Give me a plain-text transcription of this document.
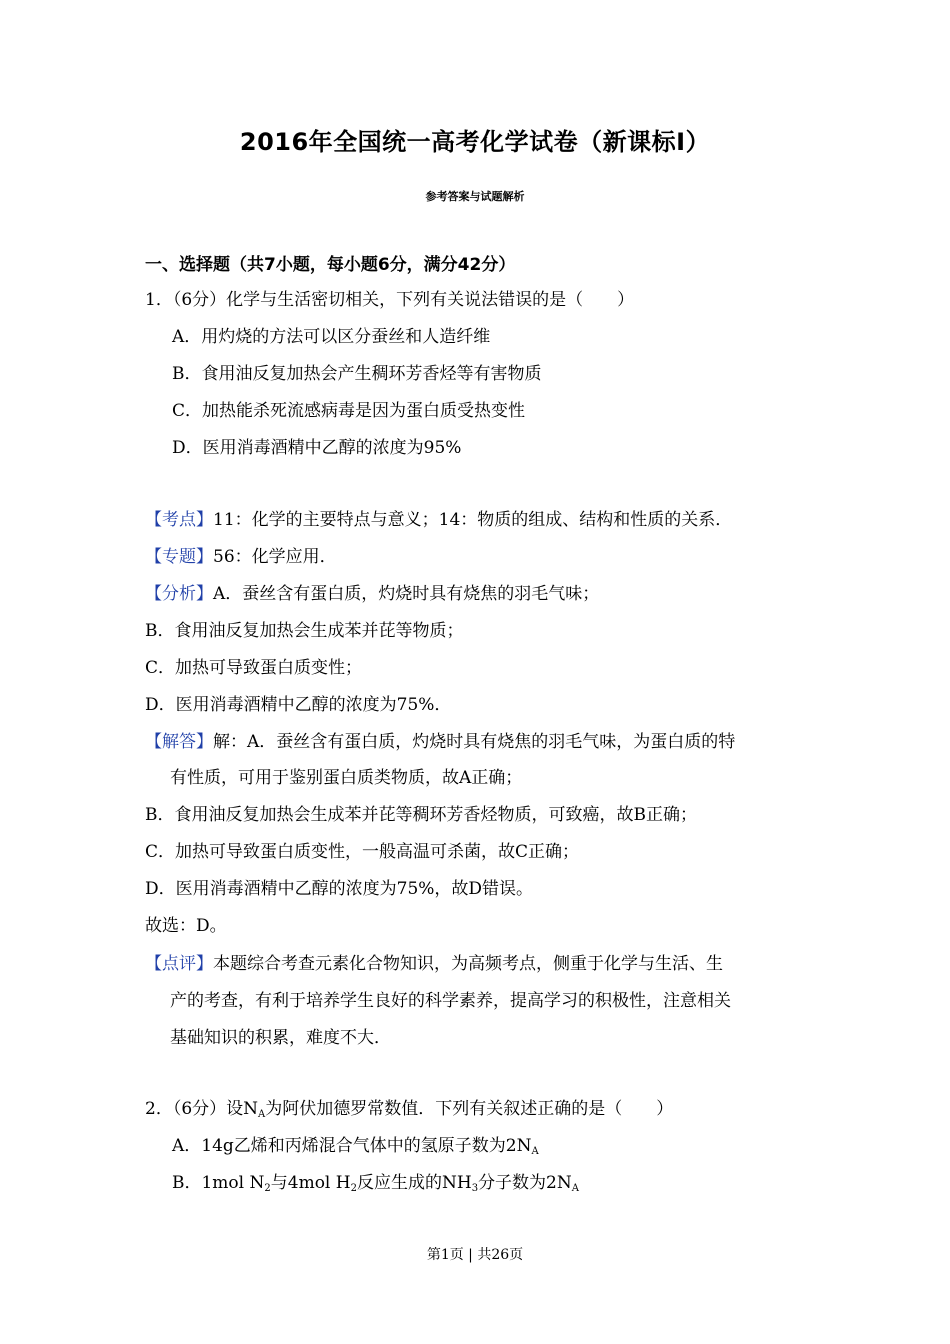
2016年全国统一高考化学试卷（新课标Ⅰ）
参考答案与试题解析
一、选择题（共7小题，每小题6分，满分42分）
1．（6分）化学与生活密切相关，下列有关说法错误的是（　　）
A．用灼烧的方法可以区分蚕丝和人造纤维
B．食用油反复加热会产生稠环芳香烃等有害物质
C．加热能杀死流感病毒是因为蛋白质受热变性
D．医用消毒酒精中乙醇的浓度为95%
【考点】11：化学的主要特点与意义；14：物质的组成、结构和性质的关系．
【专题】56：化学应用．
【分析】A．蚕丝含有蛋白质，灼烧时具有烧焦的羽毛气味；
B．食用油反复加热会生成苯并芘等物质；
C．加热可导致蛋白质变性；
D．医用消毒酒精中乙醇的浓度为75%．
【解答】解：A．蚕丝含有蛋白质，灼烧时具有烧焦的羽毛气味，为蛋白质的特
有性质，可用于鉴别蛋白质类物质，故A正确；
B．食用油反复加热会生成苯并芘等稠环芳香烃物质，可致癌，故B正确；
C．加热可导致蛋白质变性，一般高温可杀菌，故C正确；
D．医用消毒酒精中乙醇的浓度为75%，故D错误。
故选：D。
【点评】本题综合考查元素化合物知识，为高频考点，侧重于化学与生活、生
产的考查，有利于培养学生良好的科学素养，提高学习的积极性，注意相关
基础知识的积累，难度不大．
2．（6分）设$N_A$为阿伏加德罗常数值．下列有关叙述正确的是（　　）
A．14g乙烯和丙烯混合气体中的氢原子数为$2N_A$
B．1mol $N_2$与4mol $H_2$反应生成的$NH_3$分子数为$2N_A$
第1页 | 共26页
